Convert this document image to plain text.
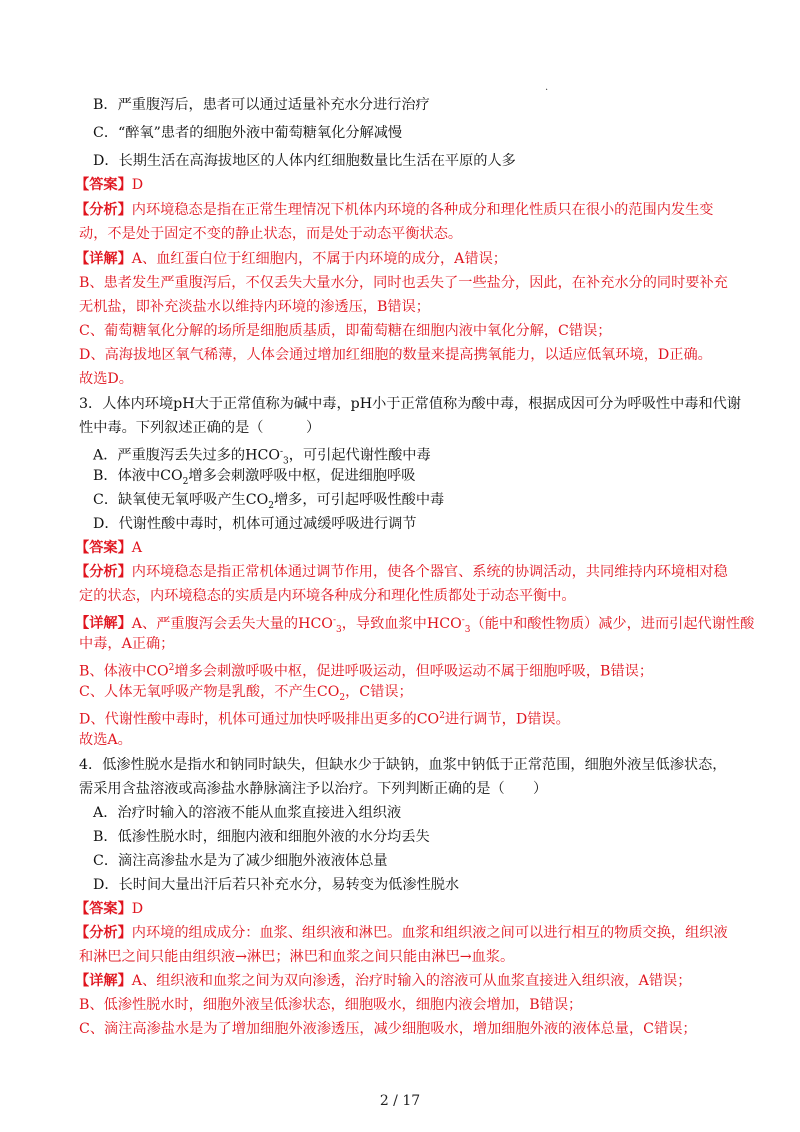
.
B．严重腹泻后，患者可以通过适量补充水分进行治疗
C．“醉氧”患者的细胞外液中葡萄糖氧化分解减慢
D．长期生活在高海拔地区的人体内红细胞数量比生活在平原的人多
【答案】D
【分析】内环境稳态是指在正常生理情况下机体内环境的各种成分和理化性质只在很小的范围内发生变
动，不是处于固定不变的静止状态，而是处于动态平衡状态。
【详解】A、血红蛋白位于红细胞内，不属于内环境的成分，A错误；
B、患者发生严重腹泻后，不仅丢失大量水分，同时也丢失了一些盐分，因此，在补充水分的同时要补充
无机盐，即补充淡盐水以维持内环境的渗透压，B错误；
C、葡萄糖氧化分解的场所是细胞质基质，即葡萄糖在细胞内液中氧化分解，C错误；
D、高海拔地区氧气稀薄，人体会通过增加红细胞的数量来提高携氧能力，以适应低氧环境，D正确。
故选D。
3．人体内环境pH大于正常值称为碱中毒，pH小于正常值称为酸中毒，根据成因可分为呼吸性中毒和代谢
性中毒。下列叙述正确的是（　　　）
A．严重腹泻丢失过多的$HCO^-_3$，可引起代谢性酸中毒
B．体液中$CO_2$增多会刺激呼吸中枢，促进细胞呼吸
C．缺氧使无氧呼吸产生$CO_2$增多，可引起呼吸性酸中毒
D．代谢性酸中毒时，机体可通过减缓呼吸进行调节
【答案】A
【分析】内环境稳态是指正常机体通过调节作用，使各个器官、系统的协调活动，共同维持内环境相对稳
定的状态，内环境稳态的实质是内环境各种成分和理化性质都处于动态平衡中。
【详解】A、严重腹泻会丢失大量的$HCO^-_3$，导致血浆中$HCO^-_3$（能中和酸性物质）减少，进而引起代谢性酸
中毒，A正确；
B、体液中$CO^2$增多会刺激呼吸中枢，促进呼吸运动，但呼吸运动不属于细胞呼吸，B错误；
C、人体无氧呼吸产物是乳酸，不产生$CO_2$，C错误；
D、代谢性酸中毒时，机体可通过加快呼吸排出更多的$CO^2$进行调节，D错误。
故选A。
4．低渗性脱水是指水和钠同时缺失，但缺水少于缺钠，血浆中钠低于正常范围，细胞外液呈低渗状态，
需采用含盐溶液或高渗盐水静脉滴注予以治疗。下列判断正确的是（　　）
A．治疗时输入的溶液不能从血浆直接进入组织液
B．低渗性脱水时，细胞内液和细胞外液的水分均丢失
C．滴注高渗盐水是为了减少细胞外液液体总量
D．长时间大量出汗后若只补充水分，易转变为低渗性脱水
【答案】D
【分析】内环境的组成成分：血浆、组织液和淋巴。血浆和组织液之间可以进行相互的物质交换，组织液
和淋巴之间只能由组织液→淋巴；淋巴和血浆之间只能由淋巴→血浆。
【详解】A、组织液和血浆之间为双向渗透，治疗时输入的溶液可从血浆直接进入组织液，A错误；
B、低渗性脱水时，细胞外液呈低渗状态，细胞吸水，细胞内液会增加，B错误；
C、滴注高渗盐水是为了增加细胞外液渗透压，减少细胞吸水，增加细胞外液的液体总量，C错误；
2 / 17
